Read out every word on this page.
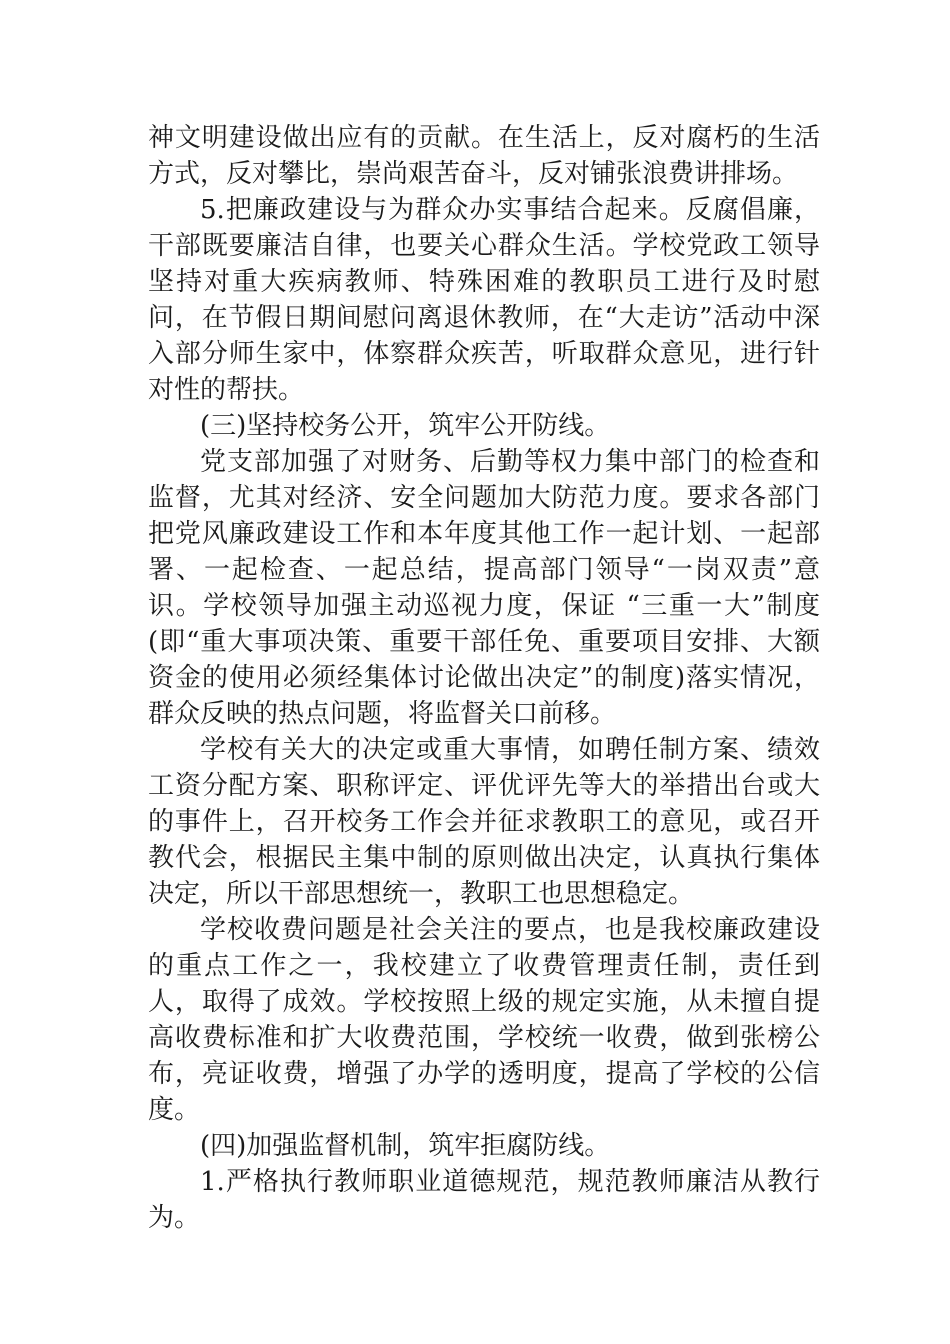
神文明建设做出应有的贡献。在生活上，反对腐朽的生活方式，反对攀比，崇尚艰苦奋斗，反对铺张浪费讲排场。

5.把廉政建设与为群众办实事结合起来。反腐倡廉，干部既要廉洁自律，也要关心群众生活。学校党政工领导坚持对重大疾病教师、特殊困难的教职员工进行及时慰问，在节假日期间慰问离退休教师，在“大走访”活动中深入部分师生家中，体察群众疾苦，听取群众意见，进行针对性的帮扶。

(三)坚持校务公开，筑牢公开防线。

党支部加强了对财务、后勤等权力集中部门的检查和监督，尤其对经济、安全问题加大防范力度。要求各部门把党风廉政建设工作和本年度其他工作一起计划、一起部署、一起检查、一起总结，提高部门领导“一岗双责”意识。学校领导加强主动巡视力度，保证 “三重一大”制度(即“重大事项决策、重要干部任免、重要项目安排、大额资金的使用必须经集体讨论做出决定”的制度)落实情况，群众反映的热点问题，将监督关口前移。

学校有关大的决定或重大事情，如聘任制方案、绩效工资分配方案、职称评定、评优评先等大的举措出台或大的事件上，召开校务工作会并征求教职工的意见，或召开教代会，根据民主集中制的原则做出决定，认真执行集体决定，所以干部思想统一，教职工也思想稳定。

学校收费问题是社会关注的要点，也是我校廉政建设的重点工作之一，我校建立了收费管理责任制，责任到人，取得了成效。学校按照上级的规定实施，从未擅自提高收费标准和扩大收费范围，学校统一收费，做到张榜公布，亮证收费，增强了办学的透明度，提高了学校的公信度。

(四)加强监督机制，筑牢拒腐防线。

1.严格执行教师职业道德规范，规范教师廉洁从教行为。
